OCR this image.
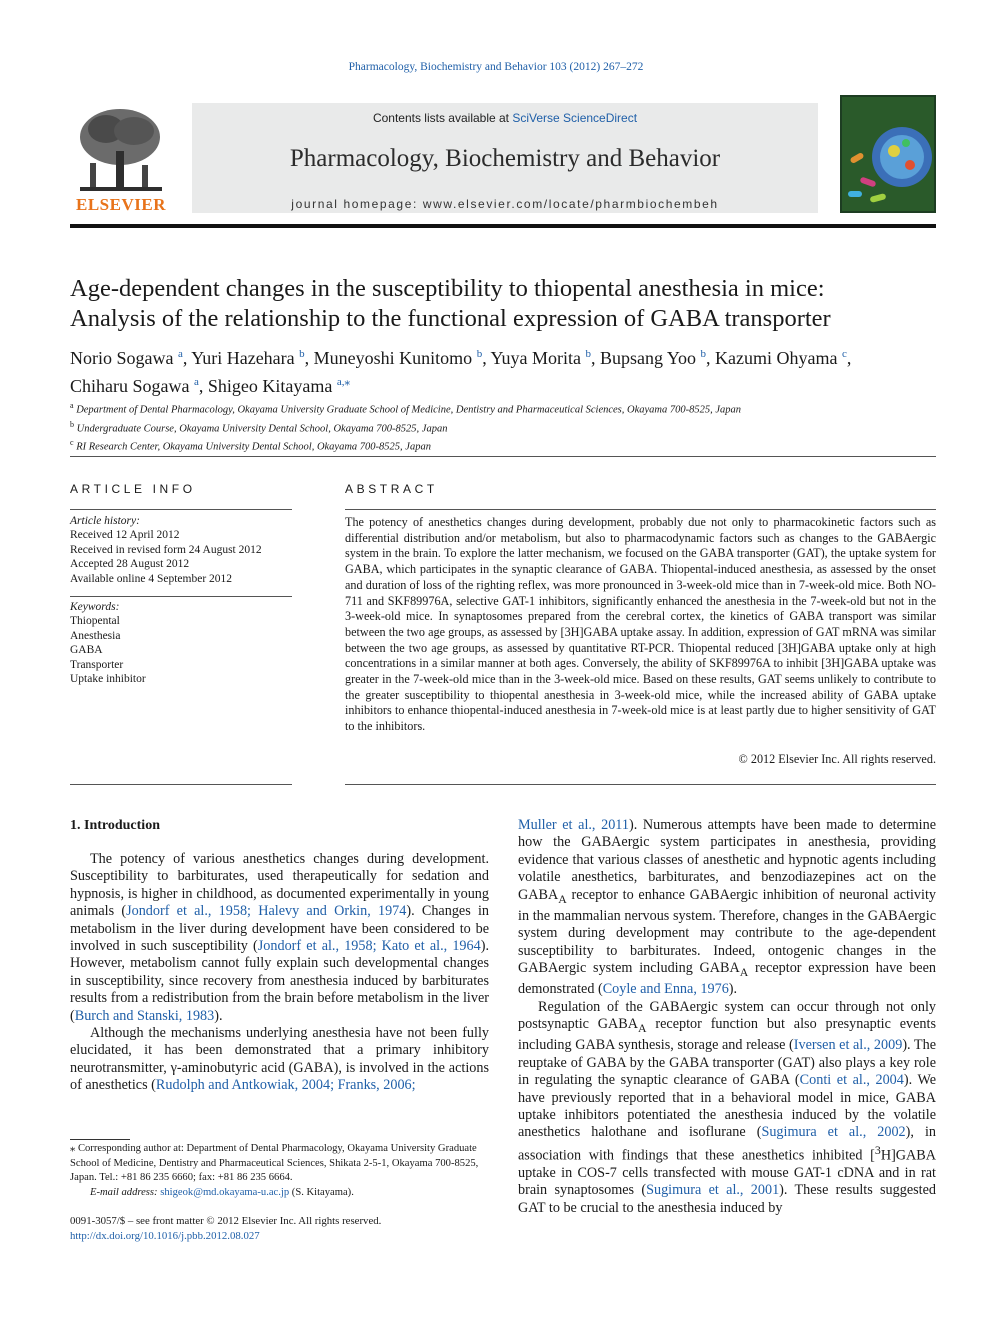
Pharmacology, Biochemistry and Behavior 103 (2012) 267–272
ELSEVIER
Contents lists available at SciVerse ScienceDirect
Pharmacology, Biochemistry and Behavior
journal homepage: www.elsevier.com/locate/pharmbiochembeh
Age-dependent changes in the susceptibility to thiopental anesthesia in mice:
Analysis of the relationship to the functional expression of GABA transporter
Norio Sogawa $^a$, Yuri Hazehara $^b$, Muneyoshi Kunitomo $^b$, Yuya Morita $^b$, Bupsang Yoo $^b$, Kazumi Ohyama $^c$,
Chiharu Sogawa $^a$, Shigeo Kitayama $^{a,⁎}$
$^a$ Department of Dental Pharmacology, Okayama University Graduate School of Medicine, Dentistry and Pharmaceutical Sciences, Okayama 700-8525, Japan
$^b$ Undergraduate Course, Okayama University Dental School, Okayama 700-8525, Japan
$^c$ RI Research Center, Okayama University Dental School, Okayama 700-8525, Japan
ARTICLE INFO
Article history:
Received 12 April 2012
Received in revised form 24 August 2012
Accepted 28 August 2012
Available online 4 September 2012
Keywords:
Thiopental
Anesthesia
GABA
Transporter
Uptake inhibitor
ABSTRACT
The potency of anesthetics changes during development, probably due not only to pharmacokinetic factors such as differential distribution and/or metabolism, but also to pharmacodynamic factors such as changes to the GABAergic system in the brain. To explore the latter mechanism, we focused on the GABA transporter (GAT), the uptake system for GABA, which participates in the synaptic clearance of GABA. Thiopental-induced anesthesia, as assessed by the onset and duration of loss of the righting reflex, was more pronounced in 3-week-old mice than in 7-week-old mice. Both NO-711 and SKF89976A, selective GAT-1 inhibitors, significantly enhanced the anesthesia in the 7-week-old but not in the 3-week-old mice. In synaptosomes prepared from the cerebral cortex, the kinetics of GABA transport was similar between the two age groups, as assessed by [3H]GABA uptake assay. In addition, expression of GAT mRNA was similar between the two age groups, as assessed by quantitative RT-PCR. Thiopental reduced [3H]GABA uptake only at high concentrations in a similar manner at both ages. Conversely, the ability of SKF89976A to inhibit [3H]GABA uptake was greater in the 7-week-old mice than in the 3-week-old mice. Based on these results, GAT seems unlikely to contribute to the greater susceptibility to thiopental anesthesia in 3-week-old mice, while the increased ability of GABA uptake inhibitors to enhance thiopental-induced anesthesia in 7-week-old mice is at least partly due to higher sensitivity of GAT to the inhibitors.
© 2012 Elsevier Inc. All rights reserved.
1. Introduction

The potency of various anesthetics changes during development. Susceptibility to barbiturates, used therapeutically for sedation and hypnosis, is higher in childhood, as documented experimentally in young animals (Jondorf et al., 1958; Halevy and Orkin, 1974). Changes in metabolism in the liver during development have been considered to be involved in such susceptibility (Jondorf et al., 1958; Kato et al., 1964). However, metabolism cannot fully explain such developmental changes in susceptibility, since recovery from anesthesia induced by barbiturates results from a redistribution from the brain before metabolism in the liver (Burch and Stanski, 1983).

Although the mechanisms underlying anesthesia have not been fully elucidated, it has been demonstrated that a primary inhibitory neurotransmitter, γ-aminobutyric acid (GABA), is involved in the actions of anesthetics (Rudolph and Antkowiak, 2004; Franks, 2006;

Muller et al., 2011). Numerous attempts have been made to determine how the GABAergic system participates in anesthesia, providing evidence that various classes of anesthetic and hypnotic agents including volatile anesthetics, barbiturates, and benzodiazepines act on the $GABA_A$ receptor to enhance GABAergic inhibition of neuronal activity in the mammalian nervous system. Therefore, changes in the GABAergic system during development may contribute to the age-dependent susceptibility to barbiturates. Indeed, ontogenic changes in the GABAergic system including $GABA_A$ receptor expression have been demonstrated (Coyle and Enna, 1976).

Regulation of the GABAergic system can occur through not only postsynaptic $GABA_A$ receptor function but also presynaptic events including GABA synthesis, storage and release (Iversen et al., 2009). The reuptake of GABA by the GABA transporter (GAT) also plays a key role in regulating the synaptic clearance of GABA (Conti et al., 2004). We have previously reported that in a behavioral model in mice, GABA uptake inhibitors potentiated the anesthesia induced by the volatile anesthetics halothane and isoflurane (Sugimura et al., 2002), in association with findings that these anesthetics inhibited [$^3$H]GABA uptake in COS-7 cells transfected with mouse GAT-1 cDNA and in rat brain synaptosomes (Sugimura et al., 2001). These results suggested GAT to be crucial to the anesthesia induced by

⁎ Corresponding author at: Department of Dental Pharmacology, Okayama University Graduate School of Medicine, Dentistry and Pharmaceutical Sciences, Shikata 2-5-1, Okayama 700-8525, Japan. Tel.: +81 86 235 6660; fax: +81 86 235 6664.
E-mail address: shigeok@md.okayama-u.ac.jp (S. Kitayama).
0091-3057/$ – see front matter © 2012 Elsevier Inc. All rights reserved.
http://dx.doi.org/10.1016/j.pbb.2012.08.027
